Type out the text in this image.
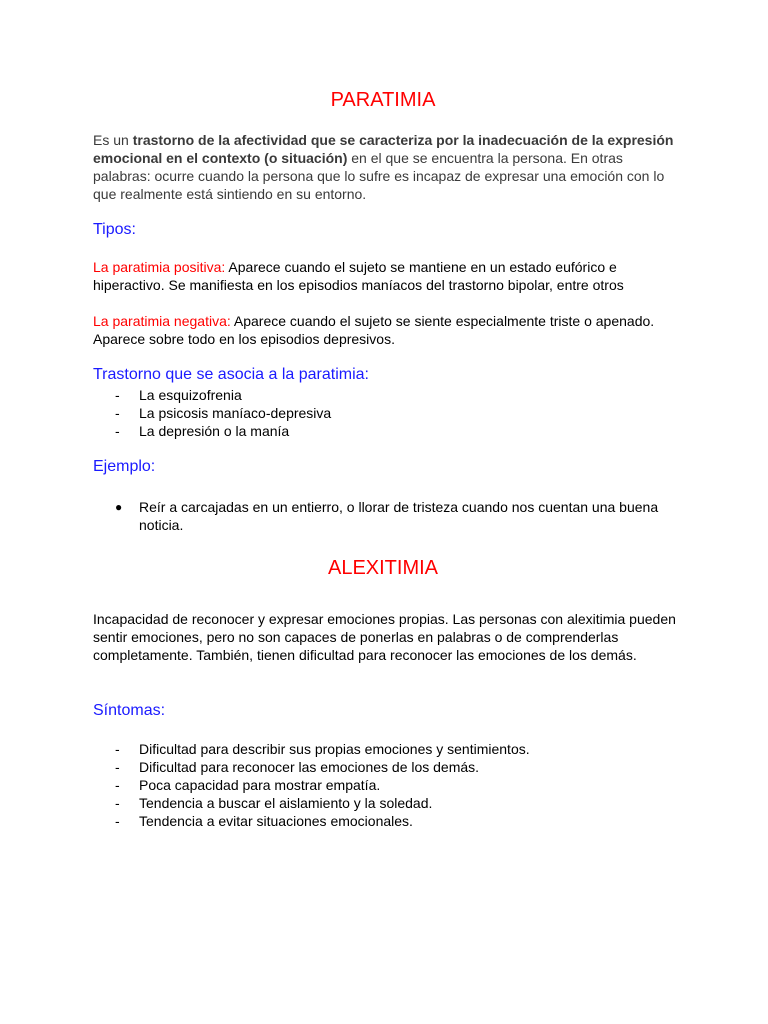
PARATIMIA
Es un trastorno de la afectividad que se caracteriza por la inadecuación de la expresión emocional en el contexto (o situación) en el que se encuentra la persona. En otras palabras: ocurre cuando la persona que lo sufre es incapaz de expresar una emoción con lo que realmente está sintiendo en su entorno.
Tipos:
La paratimia positiva: Aparece cuando el sujeto se mantiene en un estado eufórico e hiperactivo. Se manifiesta en los episodios maníacos del trastorno bipolar, entre otros
La paratimia negativa: Aparece cuando el sujeto se siente especialmente triste o apenado. Aparece sobre todo en los episodios depresivos.
Trastorno que se asocia a la paratimia:
- La esquizofrenia
- La psicosis maníaco-depresiva
- La depresión o la manía
Ejemplo:
● Reír a carcajadas en un entierro, o llorar de tristeza cuando nos cuentan una buena noticia.
ALEXITIMIA
Incapacidad de reconocer y expresar emociones propias. Las personas con alexitimia pueden sentir emociones, pero no son capaces de ponerlas en palabras o de comprenderlas completamente. También, tienen dificultad para reconocer las emociones de los demás.
Síntomas:
- Dificultad para describir sus propias emociones y sentimientos.
- Dificultad para reconocer las emociones de los demás.
- Poca capacidad para mostrar empatía.
- Tendencia a buscar el aislamiento y la soledad.
- Tendencia a evitar situaciones emocionales.
